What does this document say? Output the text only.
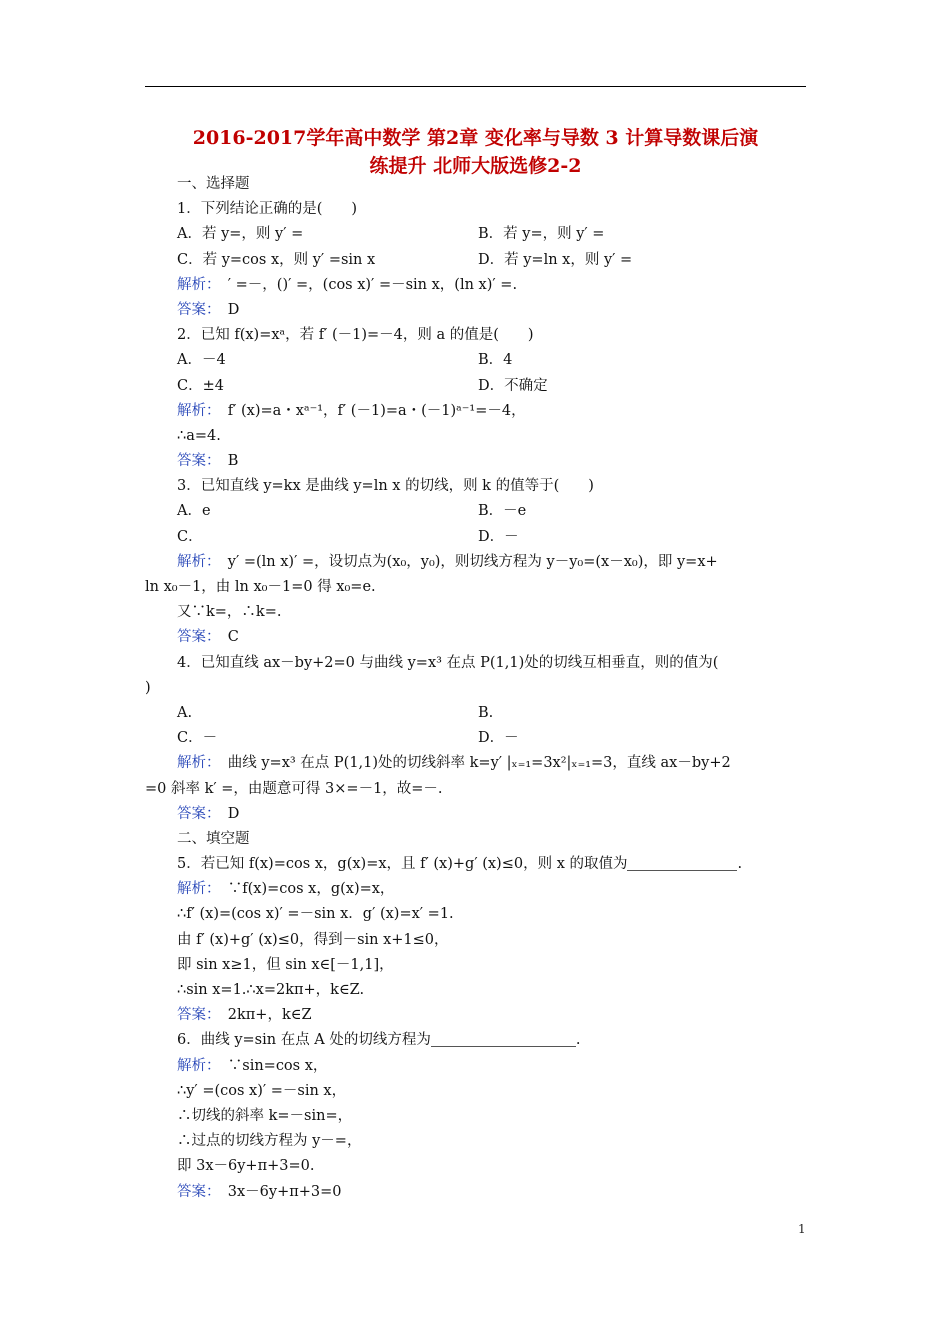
2016-2017学年高中数学 第2章 变化率与导数 3 计算导数课后演
练提升 北师大版选修2-2
一、选择题
1．下列结论正确的是(　　)
A．若 y=，则 y′ =	B．若 y=，则 y′ =
C．若 y=cos x，则 y′ =sin x	D．若 y=ln x，则 y′ =
解析：　′ =－，()′ =，(cos x)′ =－sin x，(ln x)′ =.
答案：　D
2．已知 f(x)=xᵃ，若 f′ (－1)=－4，则 a 的值是(　　)
A．－4	B．4
C．±4	D．不确定
解析：　f′ (x)=a・xᵃ⁻¹，f′ (－1)=a・(－1)ᵃ⁻¹=－4，
∴a=4.
答案：　B
3．已知直线 y=kx 是曲线 y=ln x 的切线，则 k 的值等于(　　)
A．e	B．－e
C．	D．－
解析：　y′ =(ln x)′ =，设切点为(x₀，y₀)，则切线方程为 y－y₀=(x－x₀)，即 y=x+
ln x₀－1，由 ln x₀－1=0 得 x₀=e.
又∵k=，∴k=.
答案：　C
4．已知直线 ax－by+2=0 与曲线 y=x³ 在点 P(1,1)处的切线互相垂直，则的值为(
)
A.	B.
C．－	D．－
解析：　曲线 y=x³ 在点 P(1,1)处的切线斜率 k=y′ |ₓ₌₁=3x²|ₓ₌₁=3，直线 ax－by+2
=0 斜率 k′ =，由题意可得 3×=－1，故=－.
答案：　D
二、填空题
5．若已知 f(x)=cos x，g(x)=x，且 f′ (x)+g′ (x)≤0，则 x 的取值为	.
解析：　∵f(x)=cos x，g(x)=x，
∴f′ (x)=(cos x)′ =－sin x．g′ (x)=x′ =1.
由 f′ (x)+g′ (x)≤0，得到－sin x+1≤0，
即 sin x≥1，但 sin x∈[－1,1]，
∴sin x=1.∴x=2kπ+，k∈Z.
答案：　2kπ+，k∈Z
6．曲线 y=sin 在点 A 处的切线方程为	.
解析：　∵sin=cos x，
∴y′ =(cos x)′ =－sin x，
∴切线的斜率 k=－sin=，
∴过点的切线方程为 y－=，
即 3x－6y+π+3=0.
答案：　3x－6y+π+3=0
1
